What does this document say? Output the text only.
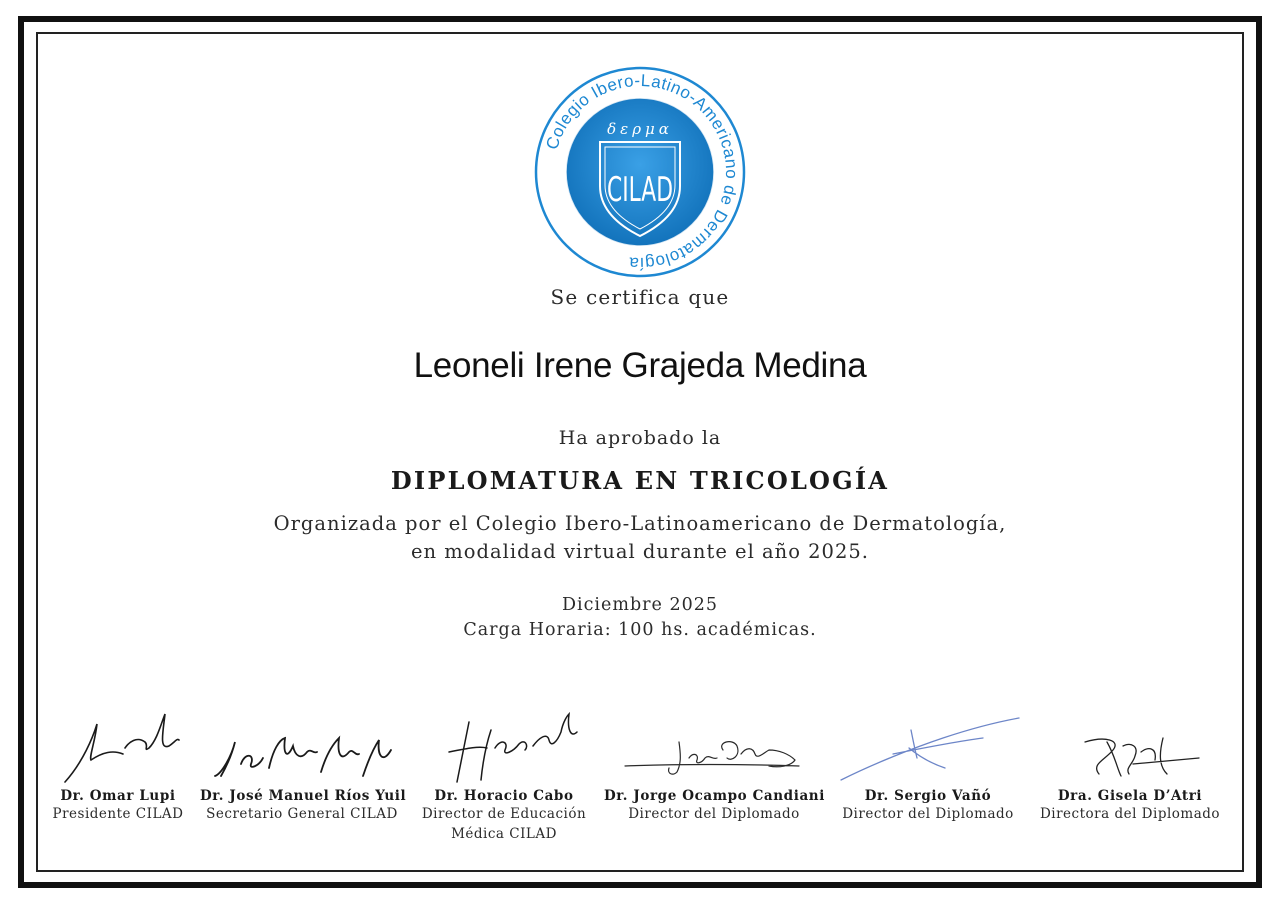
Colegio Ibero-Latino-Americano de Dermatología
δερμα
CILAD
Se certifica que
Leoneli Irene Grajeda Medina
Ha aprobado la
DIPLOMATURA EN TRICOLOGÍA
Organizada por el Colegio Ibero-Latinoamericano de Dermatología,
en modalidad virtual durante el año 2025.
Diciembre 2025
Carga Horaria: 100 hs. académicas.
Dr. Omar Lupi
Presidente CILAD
Dr. José Manuel Ríos Yuil
Secretario General CILAD
Dr. Horacio Cabo
Director de Educación
Médica CILAD
Dr. Jorge Ocampo Candiani
Director del Diplomado
Dr. Sergio Vañó
Director del Diplomado
Dra. Gisela D’Atri
Directora del Diplomado
